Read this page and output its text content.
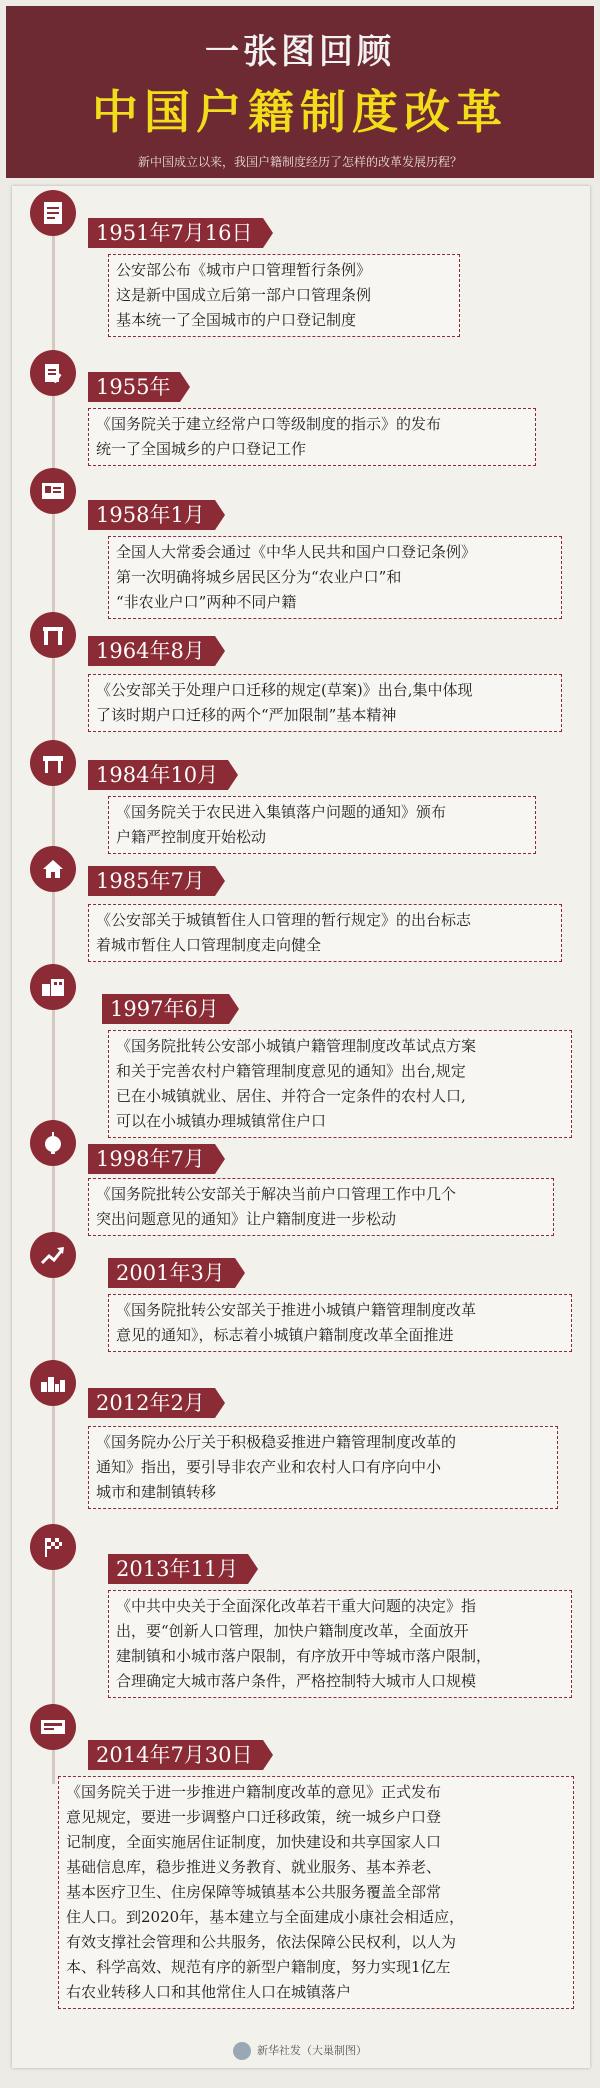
一张图回顾
中国户籍制度改革
新中国成立以来，我国户籍制度经历了怎样的改革发展历程？
1951年7月16日
公安部公布《城市户口管理暂行条例》
这是新中国成立后第一部户口管理条例
基本统一了全国城市的户口登记制度
1955年
《国务院关于建立经常户口等级制度的指示》的发布
统一了全国城乡的户口登记工作
1958年1月
全国人大常委会通过《中华人民共和国户口登记条例》
第一次明确将城乡居民区分为“农业户口”和
“非农业户口”两种不同户籍
1964年8月
《公安部关于处理户口迁移的规定(草案)》出台,集中体现
了该时期户口迁移的两个“严加限制”基本精神
1984年10月
《国务院关于农民进入集镇落户问题的通知》颁布
户籍严控制度开始松动
1985年7月
《公安部关于城镇暂住人口管理的暂行规定》的出台标志
着城市暂住人口管理制度走向健全
1997年6月
《国务院批转公安部小城镇户籍管理制度改革试点方案
和关于完善农村户籍管理制度意见的通知》出台,规定
已在小城镇就业、居住、并符合一定条件的农村人口,
可以在小城镇办理城镇常住户口
1998年7月
《国务院批转公安部关于解决当前户口管理工作中几个
突出问题意见的通知》让户籍制度进一步松动
2001年3月
《国务院批转公安部关于推进小城镇户籍管理制度改革
意见的通知》，标志着小城镇户籍制度改革全面推进
2012年2月
《国务院办公厅关于积极稳妥推进户籍管理制度改革的
通知》指出，要引导非农产业和农村人口有序向中小
城市和建制镇转移
2013年11月
《中共中央关于全面深化改革若干重大问题的决定》指
出，要“创新人口管理，加快户籍制度改革，全面放开
建制镇和小城市落户限制，有序放开中等城市落户限制，
合理确定大城市落户条件，严格控制特大城市人口规模
2014年7月30日
《国务院关于进一步推进户籍制度改革的意见》正式发布
意见规定，要进一步调整户口迁移政策，统一城乡户口登
记制度，全面实施居住证制度，加快建设和共享国家人口
基础信息库，稳步推进义务教育、就业服务、基本养老、
基本医疗卫生、住房保障等城镇基本公共服务覆盖全部常
住人口。到2020年，基本建立与全面建成小康社会相适应，
有效支撑社会管理和公共服务，依法保障公民权利，以人为
本、科学高效、规范有序的新型户籍制度，努力实现1亿左
右农业转移人口和其他常住人口在城镇落户
新华社发（大巢制图）
